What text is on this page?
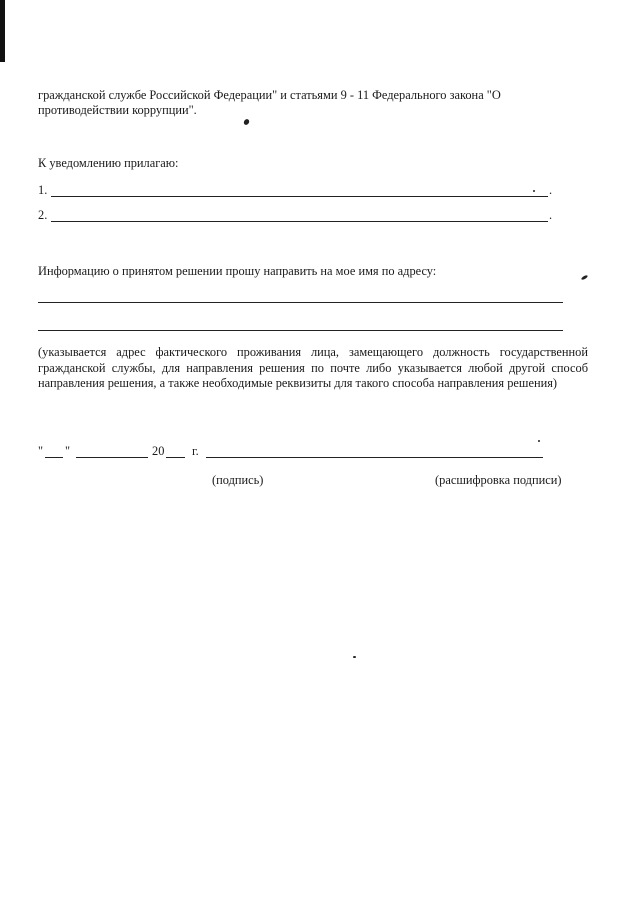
гражданской службе Российской Федерации" и статьями 9 - 11 Федерального закона "О
противодействии коррупции".
К уведомлению прилагаю:
1.	.
2.	.
Информацию о принятом решении прошу направить на мое имя по адресу:
(указывается адрес фактического проживания лица, замещающего должность государственной гражданской службы, для направления решения по почте либо указывается любой другой способ направления решения, а также необходимые реквизиты для такого способа направления решения)
" "	20 г.
(подпись)	(расшифровка подписи)
